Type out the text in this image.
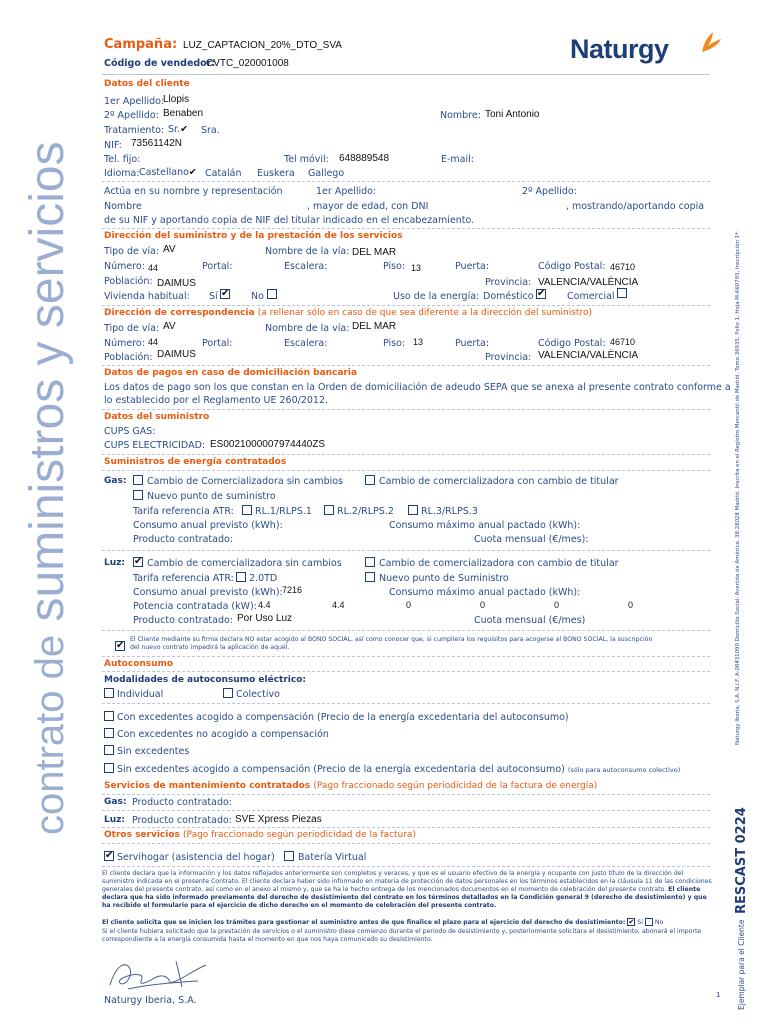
contrato de suministros y servicios	Naturgy Iberia, S.A. N.I.F. A-08431090 Domicilio Social: Avenida de América, 38 28028 Madrid. Inscrita en el Registro Mercantil de Madrid, Tomo 36935, Folio 1, Hoja M-660793, Inscripción 1ª.
Ejemplar para el Cliente
RESCAST 0224
Naturgy
Campaña: LUZ_CAPTACION_20%_DTO_SVA
Código de vendedor:
CVTC_020001008
Datos del cliente
1er Apellido:
Llopis
2º Apellido: Benaben	Nombre: Toni Antonio
Tratamiento: Sr.✔ Sra.
NIF: 73561142N
Tel. fijo:	Tel móvil: 648889548	E-mail:
Idioma: Castellano✔ Catalán Euskera Gallego
Actúa en su nombre y representación	1er Apellido:	2º Apellido:
Nombre	, mayor de edad, con DNI	, mostrando/aportando copia
de su NIF y aportando copia de NIF del titular indicado en el encabezamiento.
Dirección del suministro y de la prestación de los servicios
Tipo de vía: AV	Nombre de la vía: DEL MAR
Número: 44	Portal:	Escalera:	Piso: 13	Puerta:	Código Postal: 46710
Población: DAIMUS	Provincia: VALENCIA/VALÈNCIA
Vivienda habitual: Sí ✔ No	Uso de la energía: Doméstico ✔ Comercial
Dirección de correspondencia (a rellenar sólo en caso de que sea diferente a la dirección del suministro)
Tipo de vía: AV	Nombre de la vía: DEL MAR
Número: 44	Portal:	Escalera:	Piso: 13	Puerta:	Código Postal: 46710
Población: DAIMUS	Provincia: VALENCIA/VALÈNCIA
Datos de pagos en caso de domiciliación bancaria
Los datos de pago son los que constan en la Orden de domiciliación de adeudo SEPA que se anexa al presente contrato conforme a
lo establecido por el Reglamento UE 260/2012.
Datos del suministro
CUPS GAS:
CUPS ELECTRICIDAD: ES0021000007974440ZS
Suministros de energía contratados
Gas: Cambio de Comercializadora sin cambios	Cambio de comercializadora con cambio de titular
Nuevo punto de suministro
Tarifa referencia ATR: RL.1/RLPS.1	RL.2/RLPS.2	RL.3/RLPS.3
Consumo anual previsto (kWh):	Consumo máximo anual pactado (kWh):
Producto contratado:	Cuota mensual (€/mes):
Luz: ✔ Cambio de comercializadora sin cambios	Cambio de comercializadora con cambio de titular
Tarifa referencia ATR: 2.0TD	Nuevo punto de Suministro
Consumo anual previsto (kWh): 7216	Consumo máximo anual pactado (kWh):
Potencia contratada (kW): 4.4	4.4	0	0	0	0
Producto contratado: Por Uso Luz	Cuota mensual (€/mes)
✔
El Cliente mediante su firma declara NO estar acogido al BONO SOCIAL, así como conocer que, si cumpliera los requisitos para acogerse al BONO SOCIAL, la suscripción
del nuevo contrato impedirá la aplicación de aquél.
Autoconsumo
Modalidades de autoconsumo eléctrico:
Individual	Colectivo
Con excedentes acogido a compensación (Precio de la energía excedentaria del autoconsumo)
Con excedentes no acogido a compensación
Sin excedentes
Sin excedentes acogido a compensación (Precio de la energía excedentaria del autoconsumo) (sólo para autoconsumo colectivo)
Servicios de mantenimiento contratados (Pago fraccionado según periodicidad de la factura de energía)
Gas: Producto contratado:
Luz: Producto contratado: SVE Xpress Piezas
Otros servicios (Pago fraccionado según periodicidad de la factura)
✔ Servihogar (asistencia del hogar) Batería Virtual
El cliente declara que la información y los datos reflejados anteriormente son completos y veraces, y que es el usuario efectivo de la energía y ocupante con justo título de la dirección del suministro indicada en el presente Contrato. El cliente declara haber sido informado en materia de protección de datos personales en los términos establecidos en la cláusula 11 de las condiciones generales del presente contrato, así como en el anexo al mismo y, que se ha le hecho entrega de los mencionados documentos en el momento de celebración del presente contrato. El cliente declara que ha sido informado previamente del derecho de desistimiento del contrato en los términos detallados en la Condición general 9 (derecho de desistimiento) y que ha recibido el formulario para el ejercicio de dicho derecho en el momento de celebración del presente contrato.
El cliente solicita que se inicien los trámites para gestionar el suministro antes de que finalice el plazo para el ejercicio del derecho de desistimiento: ✔ Sí No
Si el cliente hubiera solicitado que la prestación de servicios o el suministro diese comienzo durante el periodo de desistimiento y, posteriormente solicitara el desistimiento, abonará el importe correspondiente a la energía consumida hasta el momento en que nos haya comunicado su desistimiento.
Naturgy Iberia, S.A.	1
